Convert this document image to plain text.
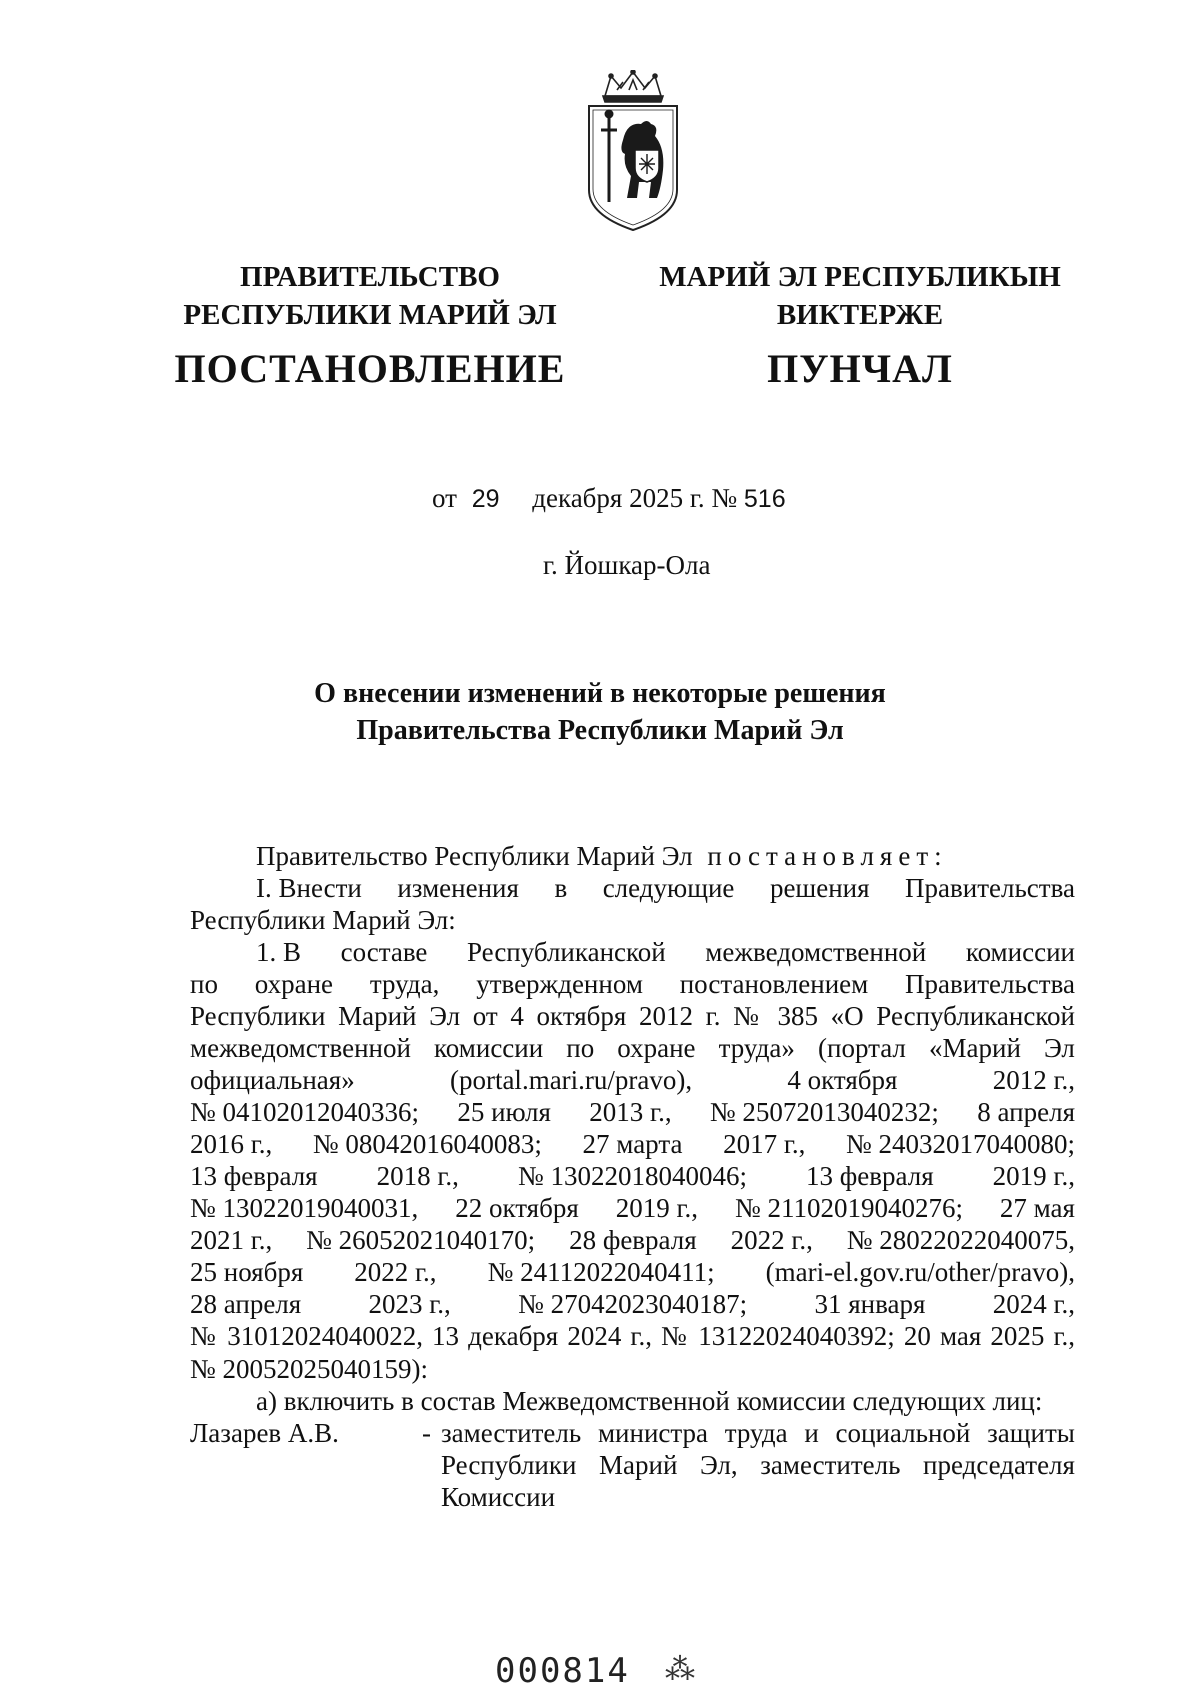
ПРАВИТЕЛЬСТВО
РЕСПУБЛИКИ МАРИЙ ЭЛ
МАРИЙ ЭЛ РЕСПУБЛИКЫН
ВИКТЕРЖЕ
ПОСТАНОВЛЕНИЕ	ПУНЧАЛ
от 29 декабря 2025 г. № 516
г. Йошкар-Ола
О внесении изменений в некоторые решения
Правительства Республики Марий Эл
Правительство Республики Марий Эл постановляет:
I. Внести изменения в следующие решения Правительства
Республики Марий Эл:
1. В составе Республиканской межведомственной комиссии
по охране труда, утвержденном постановлением Правительства
Республики Марий Эл от 4 октября 2012 г. № 385 «О Республиканской
межведомственной комиссии по охране труда» (портал «Марий Эл
официальная»	(portal.mari.ru/pravo),	4 октября	2012 г.,
№ 04102012040336; 25 июля 2013 г., № 25072013040232; 8 апреля
2016 г., № 08042016040083; 27 марта 2017 г., № 24032017040080;
13 февраля 2018 г., № 13022018040046; 13 февраля 2019 г.,
№ 13022019040031, 22 октября 2019 г., № 21102019040276; 27 мая
2021 г., № 26052021040170; 28 февраля 2022 г., № 28022022040075,
25 ноября 2022 г., № 24112022040411; (mari-el.gov.ru/other/pravo),
28 апреля 2023 г., № 27042023040187; 31 января 2024 г.,
№ 31012024040022, 13 декабря 2024 г., № 13122024040392; 20 мая 2025 г.,
№ 20052025040159):
а) включить в состав Межведомственной комиссии следующих лиц:
Лазарев А.В.	- заместитель министра труда и социальной защиты
Республики Марий Эл, заместитель председателя
Комиссии
000814 ⁂
